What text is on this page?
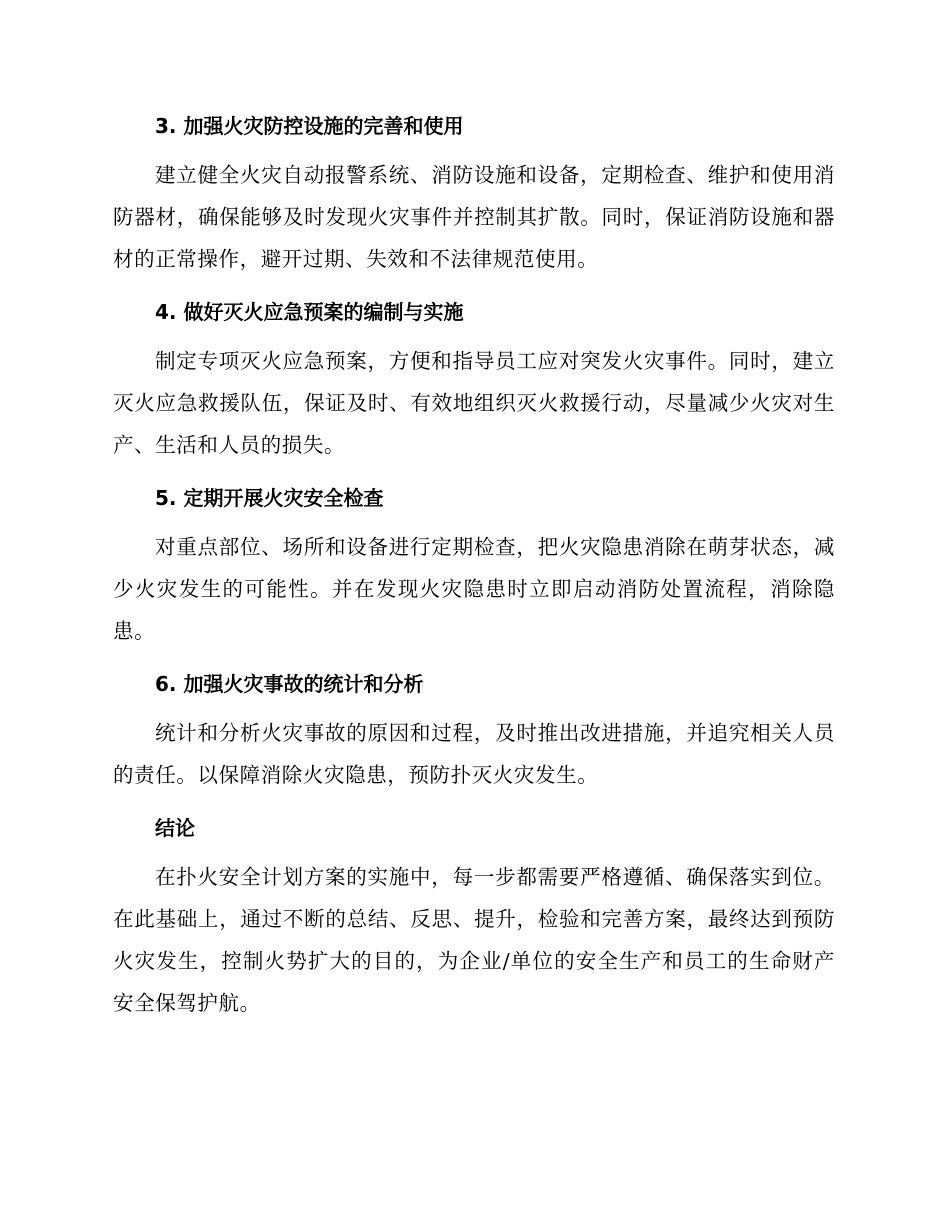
3. 加强火灾防控设施的完善和使用

建立健全火灾自动报警系统、消防设施和设备，定期检查、维护和使用消防器材，确保能够及时发现火灾事件并控制其扩散。同时，保证消防设施和器材的正常操作，避开过期、失效和不法律规范使用。

4. 做好灭火应急预案的编制与实施

制定专项灭火应急预案，方便和指导员工应对突发火灾事件。同时，建立灭火应急救援队伍，保证及时、有效地组织灭火救援行动，尽量减少火灾对生产、生活和人员的损失。

5. 定期开展火灾安全检查

对重点部位、场所和设备进行定期检查，把火灾隐患消除在萌芽状态，减少火灾发生的可能性。并在发现火灾隐患时立即启动消防处置流程，消除隐患。

6. 加强火灾事故的统计和分析

统计和分析火灾事故的原因和过程，及时推出改进措施，并追究相关人员的责任。以保障消除火灾隐患，预防扑灭火灾发生。

结论

在扑火安全计划方案的实施中，每一步都需要严格遵循、确保落实到位。在此基础上，通过不断的总结、反思、提升，检验和完善方案，最终达到预防火灾发生，控制火势扩大的目的，为企业/单位的安全生产和员工的生命财产安全保驾护航。
